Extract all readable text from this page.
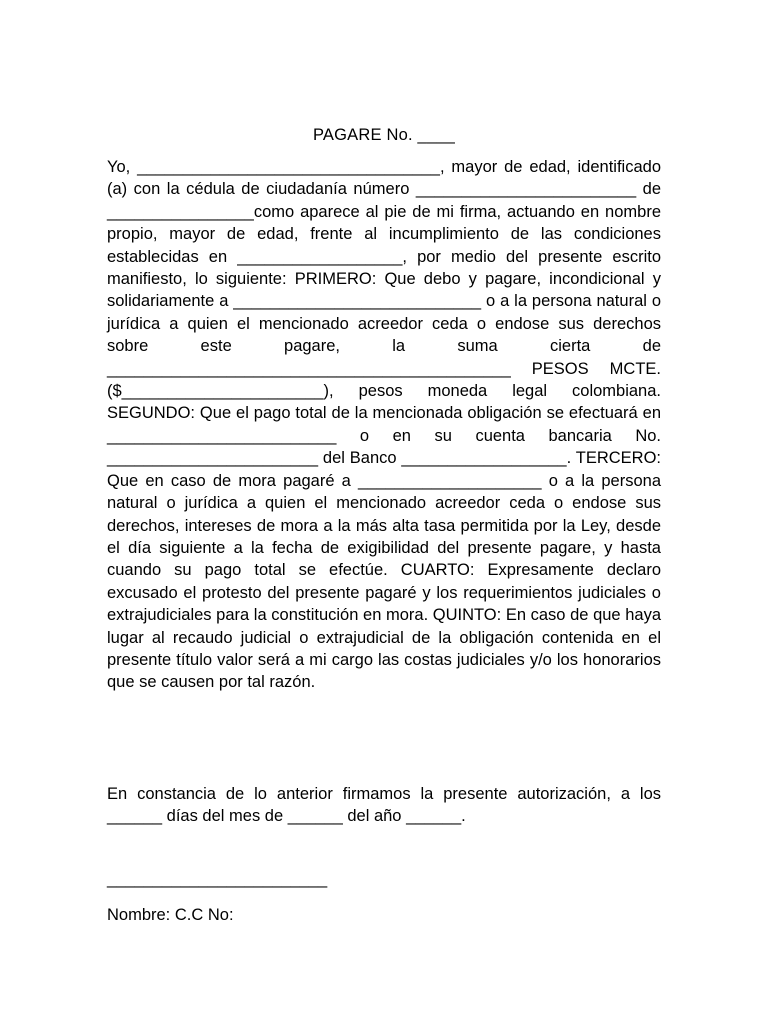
PAGARE No. ____

Yo, _________________________________, mayor de edad, identificado (a) con la cédula de ciudadanía número ________________________ de ________________como aparece al pie de mi firma, actuando en nombre propio, mayor de edad, frente al incumplimiento de las condiciones establecidas en __________________, por medio del presente escrito manifiesto, lo siguiente: PRIMERO: Que debo y pagare, incondicional y solidariamente a ___________________________ o a la persona natural o jurídica a quien el mencionado acreedor ceda o endose sus derechos sobre este pagare, la suma cierta de ____________________________________________ PESOS MCTE. ($______________________), pesos moneda legal colombiana. SEGUNDO: Que el pago total de la mencionada obligación se efectuará en _________________________ o en su cuenta bancaria No. _______________________ del Banco __________________. TERCERO: Que en caso de mora pagaré a ____________________ o a la persona natural o jurídica a quien el mencionado acreedor ceda o endose sus derechos, intereses de mora a la más alta tasa permitida por la Ley, desde el día siguiente a la fecha de exigibilidad del presente pagare, y hasta cuando su pago total se efectúe. CUARTO: Expresamente declaro excusado el protesto del presente pagaré y los requerimientos judiciales o extrajudiciales para la constitución en mora. QUINTO: En caso de que haya lugar al recaudo judicial o extrajudicial de la obligación contenida en el presente título valor será a mi cargo las costas judiciales y/o los honorarios que se causen por tal razón.

En constancia de lo anterior firmamos la presente autorización, a los ______ días del mes de ______ del año ______.

________________________
Nombre: C.C No:
